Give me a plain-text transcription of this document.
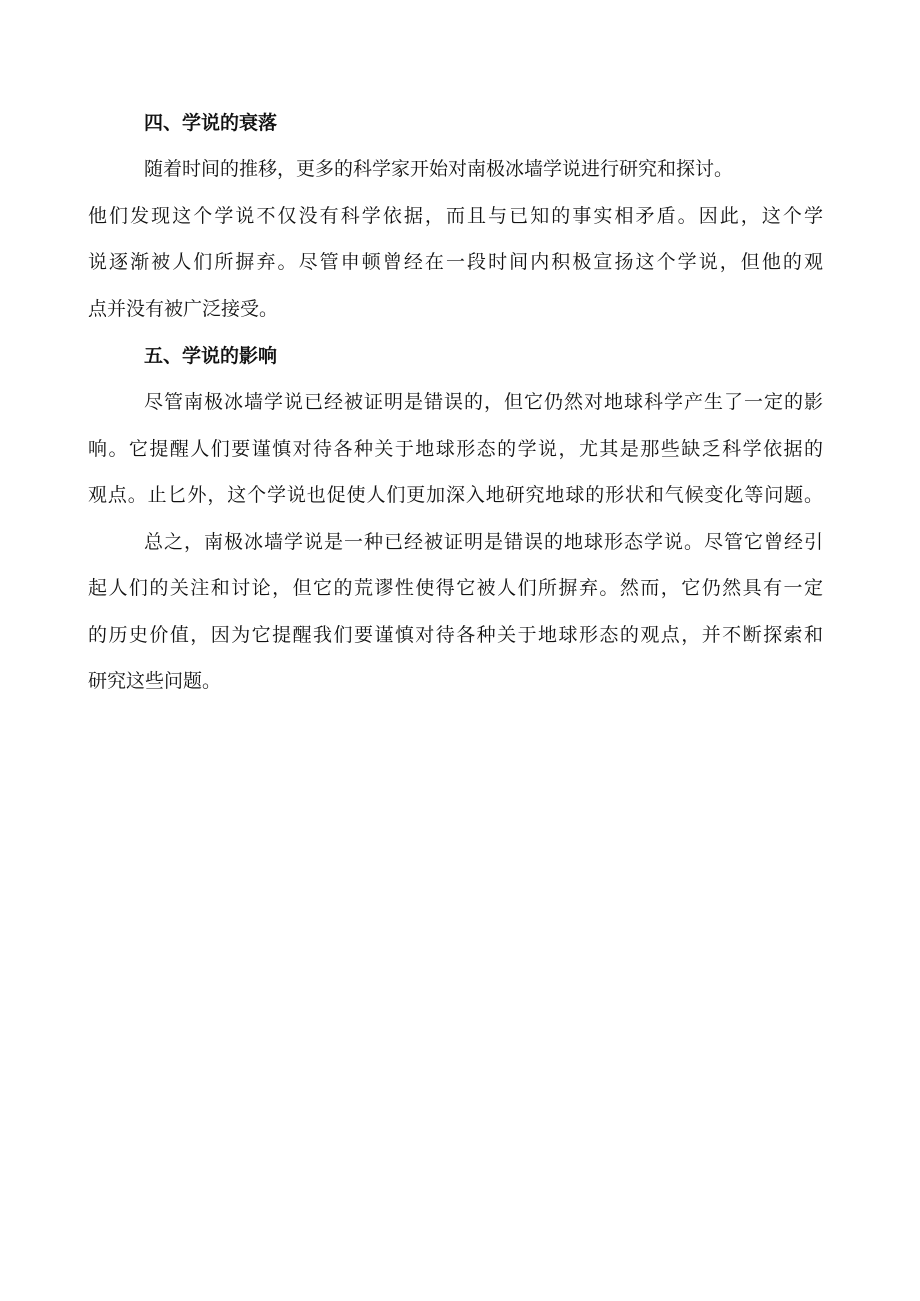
四、学说的衰落

随着时间的推移，更多的科学家开始对南极冰墙学说进行研究和探讨。
他们发现这个学说不仅没有科学依据，而且与已知的事实相矛盾。因此，这个学
说逐渐被人们所摒弃。尽管申顿曾经在一段时间内积极宣扬这个学说，但他的观
点并没有被广泛接受。

五、学说的影响

尽管南极冰墙学说已经被证明是错误的，但它仍然对地球科学产生了一定的影
响。它提醒人们要谨慎对待各种关于地球形态的学说，尤其是那些缺乏科学依据的
观点。止匕外，这个学说也促使人们更加深入地研究地球的形状和气候变化等问题。

总之，南极冰墙学说是一种已经被证明是错误的地球形态学说。尽管它曾经引
起人们的关注和讨论，但它的荒谬性使得它被人们所摒弃。然而，它仍然具有一定
的历史价值，因为它提醒我们要谨慎对待各种关于地球形态的观点，并不断探索和
研究这些问题。
